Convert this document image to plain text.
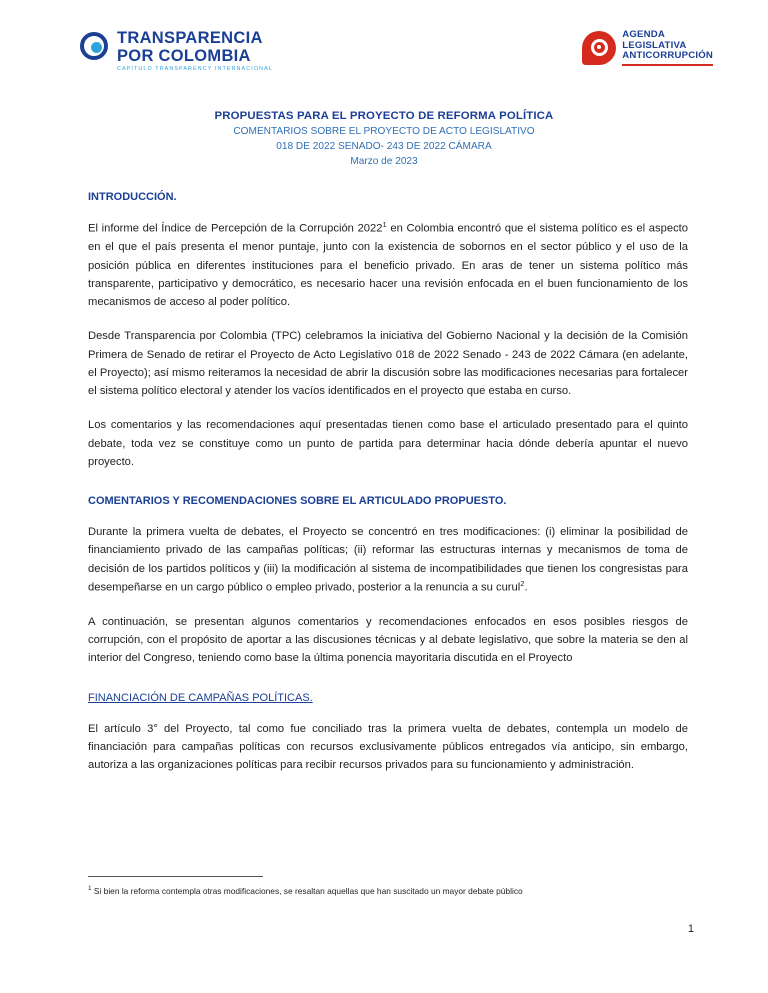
TRANSPARENCIA
POR COLOMBIA
CAPÍTULO TRANSPARENCY INTERNACIONAL
AGENDA
LEGISLATIVA
ANTICORRUPCIÓN
PROPUESTAS PARA EL PROYECTO DE REFORMA POLÍTICA
COMENTARIOS SOBRE EL PROYECTO DE ACTO LEGISLATIVO
018 DE 2022 SENADO- 243 DE 2022 CÁMARA
Marzo de 2023
INTRODUCCIÓN.

El informe del Índice de Percepción de la Corrupción 2022$^1$ en Colombia encontró que el sistema político es el aspecto en el que el país presenta el menor puntaje, junto con la existencia de sobornos en el sector público y el uso de la posición pública en diferentes instituciones para el beneficio privado. En aras de tener un sistema político más transparente, participativo y democrático, es necesario hacer una revisión enfocada en el buen funcionamiento de los mecanismos de acceso al poder político.

Desde Transparencia por Colombia (TPC) celebramos la iniciativa del Gobierno Nacional y la decisión de la Comisión Primera de Senado de retirar el Proyecto de Acto Legislativo 018 de 2022 Senado - 243 de 2022 Cámara (en adelante, el Proyecto); así mismo reiteramos la necesidad de abrir la discusión sobre las modificaciones necesarias para fortalecer el sistema político electoral y atender los vacíos identificados en el proyecto que estaba en curso.

Los comentarios y las recomendaciones aquí presentadas tienen como base el articulado presentado para el quinto debate, toda vez se constituye como un punto de partida para determinar hacia dónde debería apuntar el nuevo proyecto.

COMENTARIOS Y RECOMENDACIONES SOBRE EL ARTICULADO PROPUESTO.

Durante la primera vuelta de debates, el Proyecto se concentró en tres modificaciones: (i) eliminar la posibilidad de financiamiento privado de las campañas políticas; (ii) reformar las estructuras internas y mecanismos de toma de decisión de los partidos políticos y (iii) la modificación al sistema de incompatibilidades que tienen los congresistas para desempeñarse en un cargo público o empleo privado, posterior a la renuncia a su curul$^2$.

A continuación, se presentan algunos comentarios y recomendaciones enfocados en esos posibles riesgos de corrupción, con el propósito de aportar a las discusiones técnicas y al debate legislativo, que sobre la materia se den al interior del Congreso, teniendo como base la última ponencia mayoritaria discutida en el Proyecto

FINANCIACIÓN DE CAMPAÑAS POLÍTICAS.

El artículo 3° del Proyecto, tal como fue conciliado tras la primera vuelta de debates, contempla un modelo de financiación para campañas políticas con recursos exclusivamente públicos entregados vía anticipo, sin embargo, autoriza a las organizaciones políticas para recibir recursos privados para su funcionamiento y administración.

$^1$ Si bien la reforma contempla otras modificaciones, se resaltan aquellas que han suscitado un mayor debate público
1
